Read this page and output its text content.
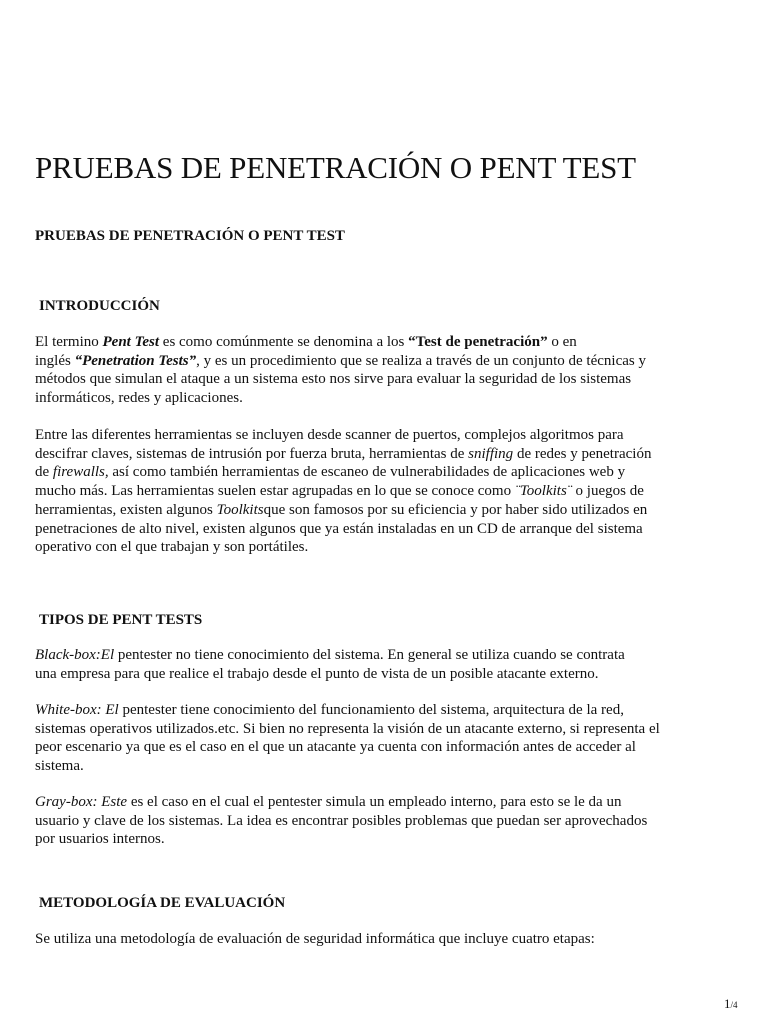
PRUEBAS DE PENETRACIÓN O PENT TEST
PRUEBAS DE PENETRACIÓN O PENT TEST
INTRODUCCIÓN

El termino Pent Test es como comúnmente se denomina a los “Test de penetración” o en
inglés “Penetration Tests”, y es un procedimiento que se realiza a través de un conjunto de técnicas y
métodos que simulan el ataque a un sistema esto nos sirve para evaluar la seguridad de los sistemas
informáticos, redes y aplicaciones.

Entre las diferentes herramientas se incluyen desde scanner de puertos, complejos algoritmos para
descifrar claves, sistemas de intrusión por fuerza bruta, herramientas de sniffing de redes y penetración
de firewalls, así como también herramientas de escaneo de vulnerabilidades de aplicaciones web y
mucho más. Las herramientas suelen estar agrupadas en lo que se conoce como ¨Toolkits¨ o juegos de
herramientas, existen algunos Toolkitsque son famosos por su eficiencia y por haber sido utilizados en
penetraciones de alto nivel, existen algunos que ya están instaladas en un CD de arranque del sistema
operativo con el que trabajan y son portátiles.

TIPOS DE PENT TESTS

Black-box:El pentester no tiene conocimiento del sistema. En general se utiliza cuando se contrata
una empresa para que realice el trabajo desde el punto de vista de un posible atacante externo.

White-box: El pentester tiene conocimiento del funcionamiento del sistema, arquitectura de la red,
sistemas operativos utilizados.etc. Si bien no representa la visión de un atacante externo, si representa el
peor escenario ya que es el caso en el que un atacante ya cuenta con información antes de acceder al
sistema.

Gray-box: Este es el caso en el cual el pentester simula un empleado interno, para esto se le da un
usuario y clave de los sistemas. La idea es encontrar posibles problemas que puedan ser aprovechados
por usuarios internos.

METODOLOGÍA DE EVALUACIÓN

Se utiliza una metodología de evaluación de seguridad informática que incluye cuatro etapas:

1/4
